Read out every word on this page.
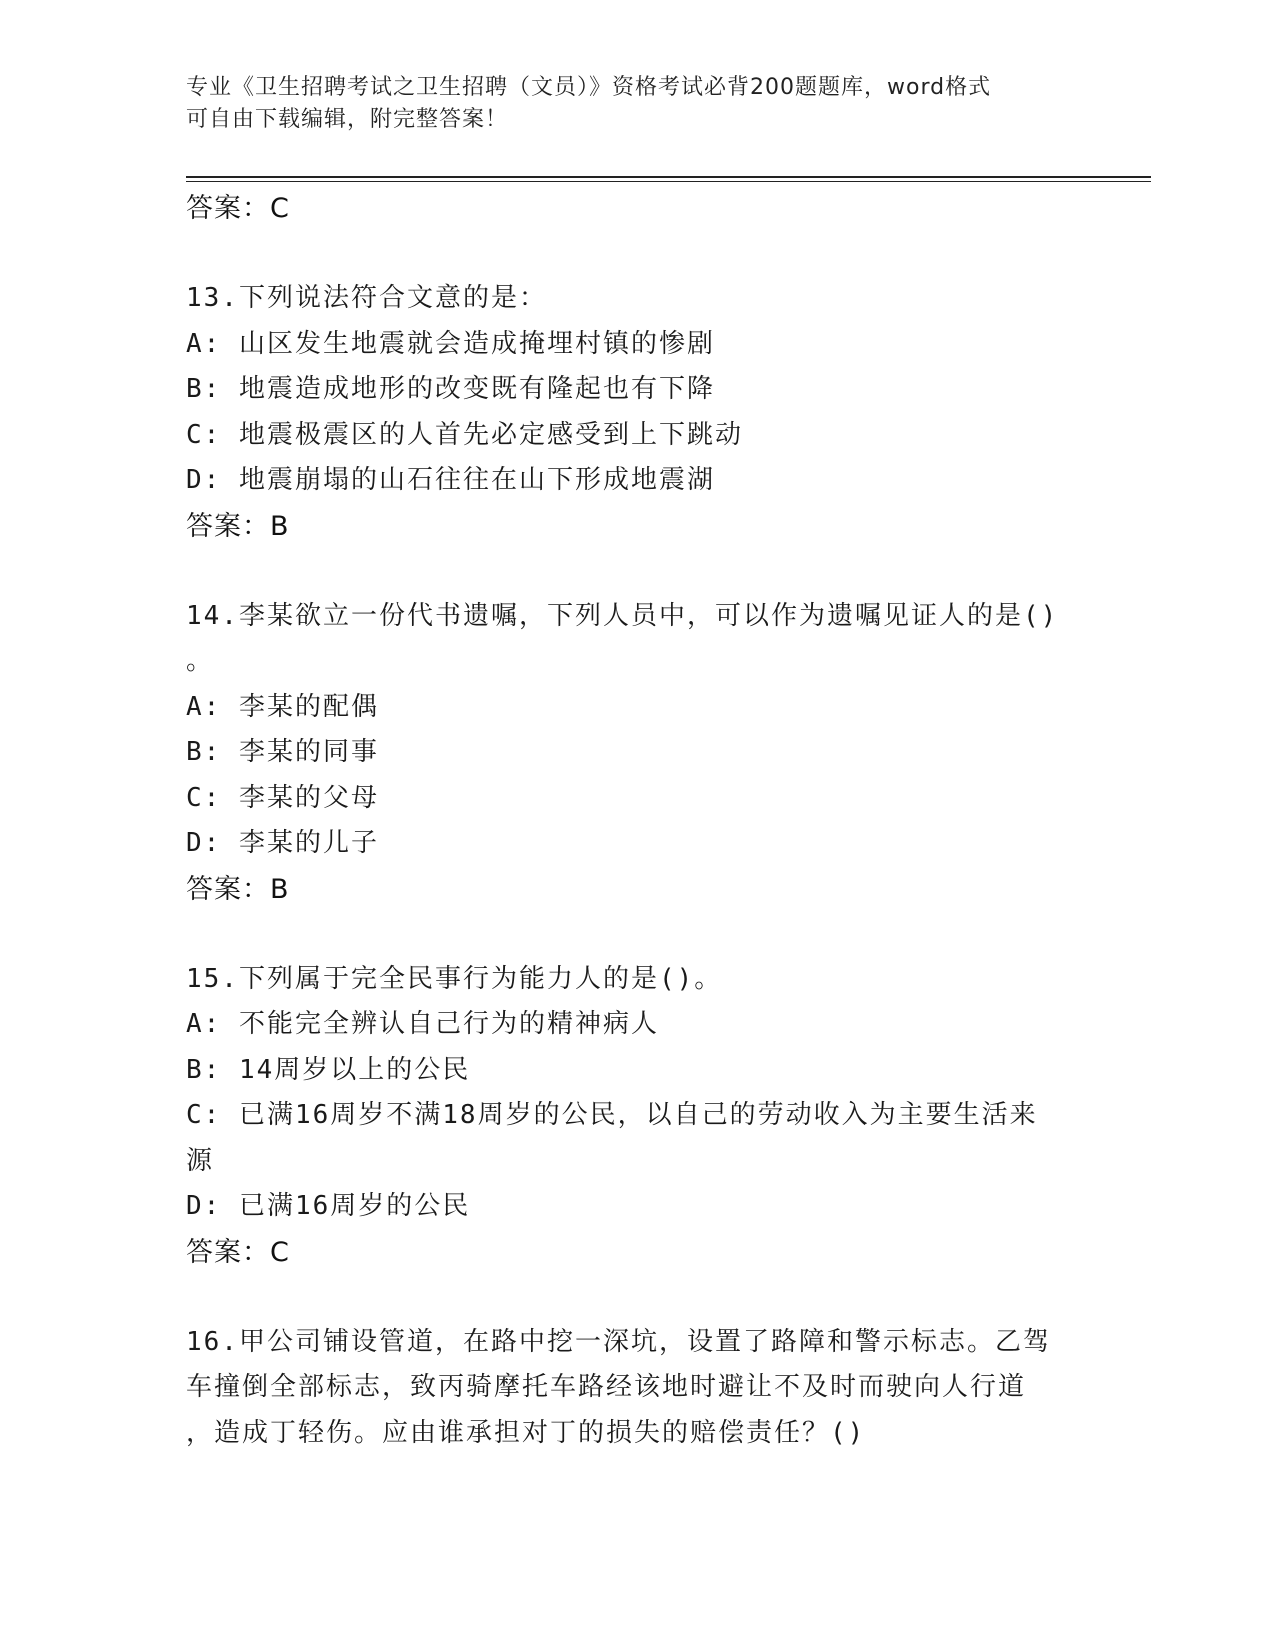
专业《卫生招聘考试之卫生招聘（文员）》资格考试必背200题题库，word格式
可自由下载编辑，附完整答案！
答案：C
13.下列说法符合文意的是：
A: 山区发生地震就会造成掩埋村镇的惨剧
B: 地震造成地形的改变既有隆起也有下降
C: 地震极震区的人首先必定感受到上下跳动
D: 地震崩塌的山石往往在山下形成地震湖
答案：B
14.李某欲立一份代书遗嘱，下列人员中，可以作为遗嘱见证人的是()
。
A: 李某的配偶
B: 李某的同事
C: 李某的父母
D: 李某的儿子
答案：B
15.下列属于完全民事行为能力人的是()。
A: 不能完全辨认自己行为的精神病人
B: 14周岁以上的公民
C: 已满16周岁不满18周岁的公民，以自己的劳动收入为主要生活来
源
D: 已满16周岁的公民
答案：C
16.甲公司铺设管道，在路中挖一深坑，设置了路障和警示标志。乙驾
车撞倒全部标志，致丙骑摩托车路经该地时避让不及时而驶向人行道
，造成丁轻伤。应由谁承担对丁的损失的赔偿责任？()
